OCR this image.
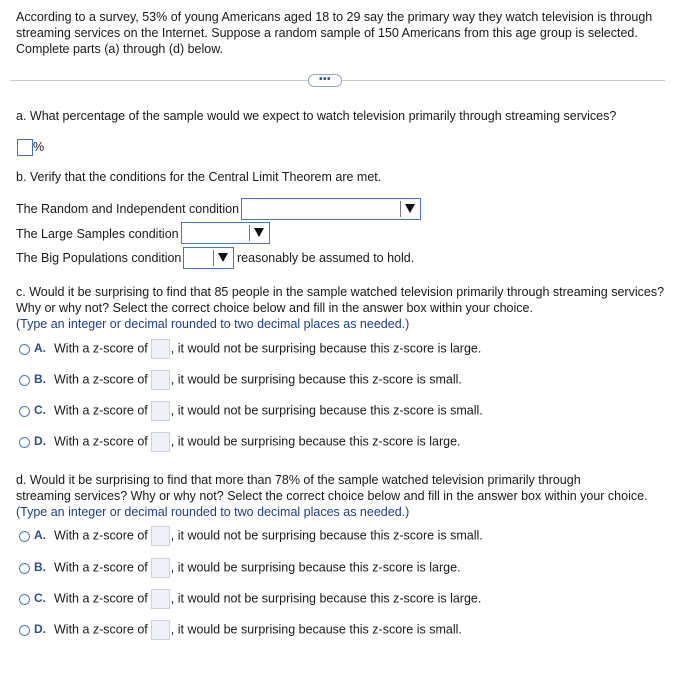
According to a survey, 53% of young Americans aged 18 to 29 say the primary way they watch television is through
streaming services on the Internet. Suppose a random sample of 150 Americans from this age group is selected.
Complete parts (a) through (d) below.
•••
a. What percentage of the sample would we expect to watch television primarily through streaming services?
%
b. Verify that the conditions for the Central Limit Theorem are met.
The Random and Independent condition
The Large Samples condition
The Big Populations condition	reasonably be assumed to hold.
c. Would it be surprising to find that 85 people in the sample watched television primarily through streaming services?
Why or why not? Select the correct choice below and fill in the answer box within your choice.
(Type an integer or decimal rounded to two decimal places as needed.)
A. With a z-score of , it would not be surprising because this z-score is large.
B. With a z-score of , it would be surprising because this z-score is small.
C. With a z-score of , it would not be surprising because this z-score is small.
D. With a z-score of , it would be surprising because this z-score is large.
d. Would it be surprising to find that more than 78% of the sample watched television primarily through
streaming services? Why or why not? Select the correct choice below and fill in the answer box within your choice.
(Type an integer or decimal rounded to two decimal places as needed.)
A. With a z-score of , it would not be surprising because this z-score is small.
B. With a z-score of , it would be surprising because this z-score is large.
C. With a z-score of , it would not be surprising because this z-score is large.
D. With a z-score of , it would be surprising because this z-score is small.
